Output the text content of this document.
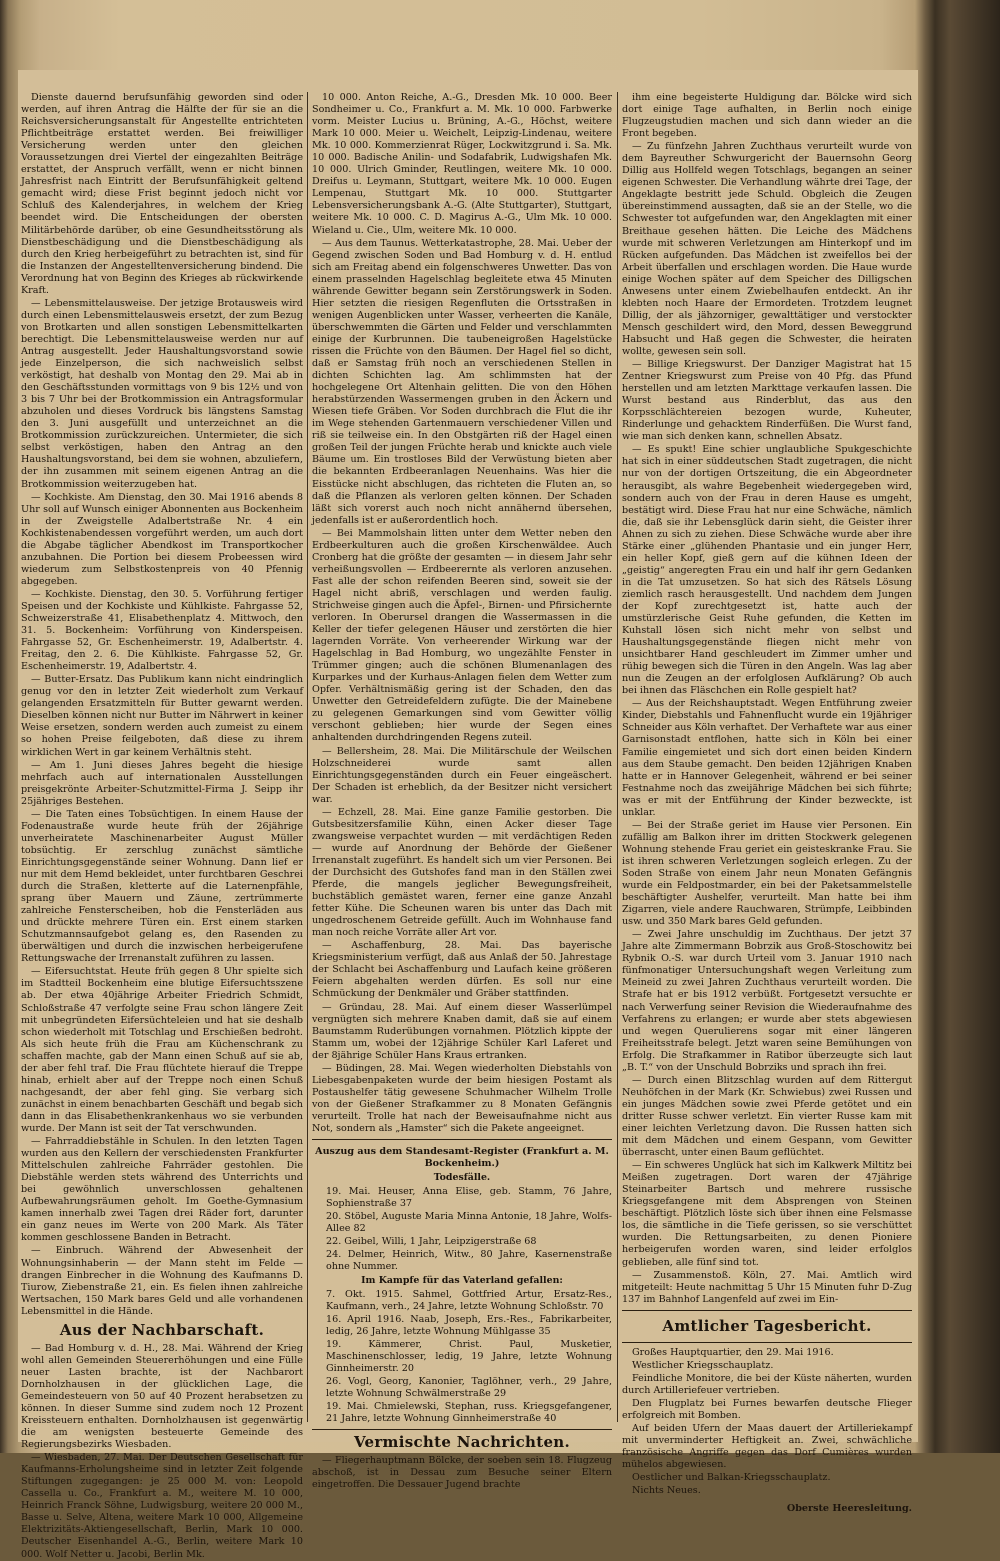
Dienste dauernd berufsunfähig geworden sind oder werden, auf ihren Antrag die Hälfte der für sie an die Reichsversicherungsanstalt für Angestellte entrichteten Pflichtbeiträge erstattet werden. Bei freiwilliger Versicherung werden unter den gleichen Voraussetzungen drei Viertel der eingezahlten Beiträge erstattet, der Anspruch verfällt, wenn er nicht binnen Jahresfrist nach Eintritt der Berufsunfähigkeit geltend gemacht wird; diese Frist beginnt jedoch nicht vor Schluß des Kalenderjahres, in welchem der Krieg beendet wird. Die Entscheidungen der obersten Militärbehörde darüber, ob eine Gesundheitsstörung als Dienstbeschädigung und die Dienstbeschädigung als durch den Krieg herbeigeführt zu betrachten ist, sind für die Instanzen der Angestelltenversicherung bindend. Die Verordnung hat von Beginn des Krieges ab rückwirkende Kraft.

— Lebensmittelausweise. Der jetzige Brotausweis wird durch einen Lebensmittelausweis ersetzt, der zum Bezug von Brotkarten und allen sonstigen Lebensmittelkarten berechtigt. Die Lebensmittelausweise werden nur auf Antrag ausgestellt. Jeder Haushaltungsvorstand sowie jede Einzelperson, die sich nachweislich selbst verköstigt, hat deshalb von Montag den 29. Mai ab in den Geschäftsstunden vormittags von 9 bis 12½ und von 3 bis 7 Uhr bei der Brotkommission ein Antragsformular abzuholen und dieses Vordruck bis längstens Samstag den 3. Juni ausgefüllt und unterzeichnet an die Brotkommission zurückzureichen. Untermieter, die sich selbst verköstigen, haben den Antrag an den Haushaltungsvorstand, bei dem sie wohnen, abzuliefern, der ihn zusammen mit seinem eigenen Antrag an die Brotkommission weiterzugeben hat.

— Kochkiste. Am Dienstag, den 30. Mai 1916 abends 8 Uhr soll auf Wunsch einiger Abonnenten aus Bockenheim in der Zweigstelle Adalbertstraße Nr. 4 ein Kochkistenabendessen vorgeführt werden, um auch dort die Abgabe täglicher Abendkost im Transportkocher anzubahnen. Die Portion bei diesem Probeessen wird wiederum zum Selbstkostenpreis von 40 Pfennig abgegeben.

— Kochkiste. Dienstag, den 30. 5. Vorführung fertiger Speisen und der Kochkiste und Kühlkiste. Fahrgasse 52, Schweizerstraße 41, Elisabethenplatz 4. Mittwoch, den 31. 5. Bockenheim: Vorführung von Kinderspeisen. Fahrgasse 52, Gr. Eschenheimerstr. 19, Adalbertstr. 4. Freitag, den 2. 6. Die Kühlkiste. Fahrgasse 52, Gr. Eschenheimerstr. 19, Adalbertstr. 4.

— Butter-Ersatz. Das Publikum kann nicht eindringlich genug vor den in letzter Zeit wiederholt zum Verkauf gelangenden Ersatzmitteln für Butter gewarnt werden. Dieselben können nicht nur Butter im Nährwert in keiner Weise ersetzen, sondern werden auch zumeist zu einem so hohen Preise feilgeboten, daß diese zu ihrem wirklichen Wert in gar keinem Verhältnis steht.

— Am 1. Juni dieses Jahres begeht die hiesige mehrfach auch auf internationalen Ausstellungen preisgekrönte Arbeiter-Schutzmittel-Firma J. Seipp ihr 25jähriges Bestehen.

— Die Taten eines Tobsüchtigen. In einem Hause der Fodenaustraße wurde heute früh der 26jährige unverheiratete Maschinenarbeiter August Müller tobsüchtig. Er zerschlug zunächst sämtliche Einrichtungsgegenstände seiner Wohnung. Dann lief er nur mit dem Hemd bekleidet, unter furchtbaren Geschrei durch die Straßen, kletterte auf die Laternenpfähle, sprang über Mauern und Zäune, zertrümmerte zahlreiche Fensterscheiben, hob die Fensterläden aus und drückte mehrere Türen ein. Erst einem starken Schutzmannsaufgebot gelang es, den Rasenden zu überwältigen und durch die inzwischen herbeigerufene Rettungswache der Irrenanstalt zuführen zu lassen.

— Eifersuchtstat. Heute früh gegen 8 Uhr spielte sich im Stadtteil Bockenheim eine blutige Eifersuchtsszene ab. Der etwa 40jährige Arbeiter Friedrich Schmidt, Schloßstraße 47 verfolgte seine Frau schon längere Zeit mit unbegründeten Eifersüchteleien und hat sie deshalb schon wiederholt mit Totschlag und Erschießen bedroht. Als sich heute früh die Frau am Küchenschrank zu schaffen machte, gab der Mann einen Schuß auf sie ab, der aber fehl traf. Die Frau flüchtete hierauf die Treppe hinab, erhielt aber auf der Treppe noch einen Schuß nachgesandt, der aber fehl ging. Sie verbarg sich zunächst in einem benachbarten Geschäft und begab sich dann in das Elisabethenkrankenhaus wo sie verbunden wurde. Der Mann ist seit der Tat verschwunden.

— Fahrraddiebstähle in Schulen. In den letzten Tagen wurden aus den Kellern der verschiedensten Frankfurter Mittelschulen zahlreiche Fahrräder gestohlen. Die Diebstähle werden stets während des Unterrichts und bei gewöhnlich unverschlossen gehaltenen Aufbewahrungsräumen geholt. Im Goethe-Gymnasium kamen innerhalb zwei Tagen drei Räder fort, darunter ein ganz neues im Werte von 200 Mark. Als Täter kommen geschlossene Banden in Betracht.

— Einbruch. Während der Abwesenheit der Wohnungsinhaberin — der Mann steht im Felde — drangen Einbrecher in die Wohnung des Kaufmanns D. Tiurow, Ziebenstraße 21, ein. Es fielen ihnen zahlreiche Wertsachen, 150 Mark bares Geld und alle vorhandenen Lebensmittel in die Hände.

Aus der Nachbarschaft.

— Bad Homburg v. d. H., 28. Mai. Während der Krieg wohl allen Gemeinden Steuererhöhungen und eine Fülle neuer Lasten brachte, ist der Nachbarort Dornholzhausen in der glücklichen Lage, die Gemeindesteuern von 50 auf 40 Prozent herabsetzen zu können. In dieser Summe sind zudem noch 12 Prozent Kreissteuern enthalten. Dornholzhausen ist gegenwärtig die am wenigsten besteuerte Gemeinde des Regierungsbezirks Wiesbaden.

— Wiesbaden, 27. Mai. Der Deutschen Gesellschaft für Kaufmanns-Erholungsheime sind in letzter Zeit folgende Stiftungen zugegangen: je 25 000 M. von: Leopold Cassella u. Co., Frankfurt a. M., weitere M. 10 000, Heinrich Franck Söhne, Ludwigsburg, weitere 20 000 M., Basse u. Selve, Altena, weitere Mark 10 000, Allgemeine Elektrizitäts-Aktiengesellschaft, Berlin, Mark 10 000. Deutscher Eisenhandel A.-G., Berlin, weitere Mark 10 000. Wolf Netter u. Jacobi, Berlin Mk.

10 000. Anton Reiche, A.-G., Dresden Mk. 10 000. Beer Sondheimer u. Co., Frankfurt a. M. Mk. 10 000. Farbwerke vorm. Meister Lucius u. Brüning, A.-G., Höchst, weitere Mark 10 000. Meier u. Weichelt, Leipzig-Lindenau, weitere Mk. 10 000. Kommerzienrat Rüger, Lockwitzgrund i. Sa. Mk. 10 000. Badische Anilin- und Sodafabrik, Ludwigshafen Mk. 10 000. Ulrich Gminder, Reutlingen, weitere Mk. 10 000. Dreifus u. Leymann, Stuttgart, weitere Mk. 10 000. Eugen Lempenau, Stuttgart Mk. 10 000. Stuttgarter Lebensversicherungsbank A.-G. (Alte Stuttgarter), Stuttgart, weitere Mk. 10 000. C. D. Magirus A.-G., Ulm Mk. 10 000. Wieland u. Cie., Ulm, weitere Mk. 10 000.

— Aus dem Taunus. Wetterkatastrophe, 28. Mai. Ueber der Gegend zwischen Soden und Bad Homburg v. d. H. entlud sich am Freitag abend ein folgenschweres Unwetter. Das von einem prasselnden Hagelschlag begleitete etwa 45 Minuten währende Gewitter begann sein Zerstörungswerk in Soden. Hier setzten die riesigen Regenfluten die Ortsstraßen in wenigen Augenblicken unter Wasser, verheerten die Kanäle, überschwemmten die Gärten und Felder und verschlammten einige der Kurbrunnen. Die taubeneigroßen Hagelstücke rissen die Früchte von den Bäumen. Der Hagel fiel so dicht, daß er Samstag früh noch an verschiedenen Stellen in dichten Schichten lag. Am schlimmsten hat der hochgelegene Ort Altenhain gelitten. Die von den Höhen herabstürzenden Wassermengen gruben in den Äckern und Wiesen tiefe Gräben. Vor Soden durchbrach die Flut die ihr im Wege stehenden Gartenmauern verschiedener Villen und riß sie teilweise ein. In den Obstgärten riß der Hagel einen großen Teil der jungen Früchte herab und knickte auch viele Bäume um. Ein trostloses Bild der Verwüstung bieten aber die bekannten Erdbeeranlagen Neuenhains. Was hier die Eisstücke nicht abschlugen, das richteten die Fluten an, so daß die Pflanzen als verloren gelten können. Der Schaden läßt sich vorerst auch noch nicht annähernd übersehen, jedenfalls ist er außerordentlich hoch.

— Bei Mammolshain litten unter dem Wetter neben den Erdbeerkulturen auch die großen Kirschenwäldee. Auch Cronberg hat die größte der gesamten — in diesem Jahr sehr verheißungsvollen — Erdbeerernte als verloren anzusehen. Fast alle der schon reifenden Beeren sind, soweit sie der Hagel nicht abriß, verschlagen und werden faulig. Strichweise gingen auch die Äpfel-, Birnen- und Pfirsichernte verloren. In Oberursel drangen die Wassermassen in die Keller der tiefer gelegenen Häuser und zerstörten die hier lagernden Vorräte. Von verheerender Wirkung war der Hagelschlag in Bad Homburg, wo ungezählte Fenster in Trümmer gingen; auch die schönen Blumenanlagen des Kurparkes und der Kurhaus-Anlagen fielen dem Wetter zum Opfer. Verhältnismäßig gering ist der Schaden, den das Unwetter den Getreidefeldern zufügte. Die der Mainebene zu gelegenen Gemarkungen sind vom Gewitter völlig verschont geblieben; hier wurde der Segen eines anhaltenden durchdringenden Regens zuteil.

— Bellersheim, 28. Mai. Die Militärschule der Weilschen Holzschneiderei wurde samt allen Einrichtungsgegenständen durch ein Feuer eingeäschert. Der Schaden ist erheblich, da der Besitzer nicht versichert war.

— Echzell, 28. Mai. Eine ganze Familie gestorben. Die Gutsbesitzersfamilie Kühn, einen Acker dieser Tage zwangsweise verpachtet wurden — mit verdächtigen Reden — wurde auf Anordnung der Behörde der Gießener Irrenanstalt zugeführt. Es handelt sich um vier Personen. Bei der Durchsicht des Gutshofes fand man in den Ställen zwei Pferde, die mangels jeglicher Bewegungsfreiheit, buchstäblich gemästet waren, ferner eine ganze Anzahl fetter Kühe. Die Scheunen waren bis unter das Dach mit ungedroschenem Getreide gefüllt. Auch im Wohnhause fand man noch reiche Vorräte aller Art vor.

— Aschaffenburg, 28. Mai. Das bayerische Kriegsministerium verfügt, daß aus Anlaß der 50. Jahrestage der Schlacht bei Aschaffenburg und Laufach keine größeren Feiern abgehalten werden dürfen. Es soll nur eine Schmückung der Denkmäler und Gräber stattfinden.

— Gründau, 28. Mai. Auf einem dieser Wasserlümpel vergnügten sich mehrere Knaben damit, daß sie auf einem Baumstamm Ruderübungen vornahmen. Plötzlich kippte der Stamm um, wobei der 12jährige Schüler Karl Laferet und der 8jährige Schüler Hans Kraus ertranken.

— Büdingen, 28. Mai. Wegen wiederholten Diebstahls von Liebesgabenpaketen wurde der beim hiesigen Postamt als Postaushelfer tätig gewesene Schuhmacher Wilhelm Trolle von der Gießener Strafkammer zu 8 Monaten Gefängnis verurteilt. Trolle hat nach der Beweisaufnahme nicht aus Not, sondern als „Hamster“ sich die Pakete angeeignet.

Auszug aus dem Standesamt-Register (Frankfurt a. M. Bockenheim.)
Todesfälle.

19. Mai. Heuser, Anna Elise, geb. Stamm, 76 Jahre, Sophienstraße 37

20. Stöbel, Auguste Maria Minna Antonie, 18 Jahre, Wolfs-Allee 82

22. Geibel, Willi, 1 Jahr, Leipzigerstraße 68

24. Delmer, Heinrich, Witw., 80 Jahre, Kasernenstraße ohne Nummer.

Im Kampfe für das Vaterland gefallen:

7. Okt. 1915. Sahmel, Gottfried Artur, Ersatz-Res., Kaufmann, verh., 24 Jahre, letzte Wohnung Schloßstr. 70

16. April 1916. Naab, Joseph, Ers.-Res., Fabrikarbeiter, ledig, 26 Jahre, letzte Wohnung Mühlgasse 35

19. Kämmerer, Christ. Paul, Musketier, Maschinenschlosser, ledig, 19 Jahre, letzte Wohnung Ginnheimerstr. 20

26. Vogl, Georg, Kanonier, Taglöhner, verh., 29 Jahre, letzte Wohnung Schwälmerstraße 29

19. Mai. Chmielewski, Stephan, russ. Kriegsgefangener, 21 Jahre, letzte Wohnung Ginnheimerstraße 40

Vermischte Nachrichten.

— Fliegerhauptmann Bölcke, der soeben sein 18. Flugzeug abschoß, ist in Dessau zum Besuche seiner Eltern eingetroffen. Die Dessauer Jugend brachte

ihm eine begeisterte Huldigung dar. Bölcke wird sich dort einige Tage aufhalten, in Berlin noch einige Flugzeugstudien machen und sich dann wieder an die Front begeben.

— Zu fünfzehn Jahren Zuchthaus verurteilt wurde von dem Bayreuther Schwurgericht der Bauernsohn Georg Dillig aus Hollfeld wegen Totschlags, begangen an seiner eigenen Schwester. Die Verhandlung währte drei Tage, der Angeklagte bestritt jede Schuld. Obgleich die Zeugen übereinstimmend aussagten, daß sie an der Stelle, wo die Schwester tot aufgefunden war, den Angeklagten mit einer Breithaue gesehen hätten. Die Leiche des Mädchens wurde mit schweren Verletzungen am Hinterkopf und im Rücken aufgefunden. Das Mädchen ist zweifellos bei der Arbeit überfallen und erschlagen worden. Die Haue wurde einige Wochen später auf dem Speicher des Dilligschen Anwesens unter einem Zwiebelhaufen entdeckt. An ihr klebten noch Haare der Ermordeten. Trotzdem leugnet Dillig, der als jähzorniger, gewalttätiger und verstockter Mensch geschildert wird, den Mord, dessen Beweggrund Habsucht und Haß gegen die Schwester, die heiraten wollte, gewesen sein soll.

— Billige Kriegswurst. Der Danziger Magistrat hat 15 Zentner Kriegswurst zum Preise von 40 Pfg. das Pfund herstellen und am letzten Markttage verkaufen lassen. Die Wurst bestand aus Rinderblut, das aus den Korpsschlächtereien bezogen wurde, Kuheuter, Rinderlunge und gehacktem Rinderfüßen. Die Wurst fand, wie man sich denken kann, schnellen Absatz.

— Es spukt! Eine schier unglaubliche Spukgeschichte hat sich in einer süddeutschen Stadt zugetragen, die nicht nur von der dortigen Ortszeitung, die ein Abgeordneter herausgibt, als wahre Begebenheit wiedergegeben wird, sondern auch von der Frau in deren Hause es umgeht, bestätigt wird. Diese Frau hat nur eine Schwäche, nämlich die, daß sie ihr Lebensglück darin sieht, die Geister ihrer Ahnen zu sich zu ziehen. Diese Schwäche wurde aber ihre Stärke einer „glühenden Phantasie und ein junger Herr, ein heller Kopf, gieß gern auf die kühnen Ideen der „geistig“ angeregten Frau ein und half ihr gern Gedanken in die Tat umzusetzen. So hat sich des Rätsels Lösung ziemlich rasch herausgestellt. Und nachdem dem Jungen der Kopf zurechtgesetzt ist, hatte auch der umstürzlerische Geist Ruhe gefunden, die Ketten im Kuhstall lösen sich nicht mehr von selbst und Haushaltungsgegenstände fliegen nicht mehr von unsichtbarer Hand geschleudert im Zimmer umher und rühig bewegen sich die Türen in den Angeln. Was lag aber nun die Zeugen an der erfolglosen Aufklärung? Ob auch bei ihnen das Fläschchen ein Rolle gespielt hat?

— Aus der Reichshauptstadt. Wegen Entführung zweier Kinder, Diebstahls und Fahnenflucht wurde ein 19jähriger Schneider aus Köln verhaftet. Der Verhaftete war aus einer Garnisonstadt entflohen, hatte sich in Köln bei einer Familie eingemietet und sich dort einen beiden Kindern aus dem Staube gemacht. Den beiden 12jährigen Knaben hatte er in Hannover Gelegenheit, während er bei seiner Festnahme noch das zweijährige Mädchen bei sich führte; was er mit der Entführung der Kinder bezweckte, ist unklar.

— Bei der Straße geriet im Hause vier Personen. Ein zufällig am Balkon ihrer im dritten Stockwerk gelegenen Wohnung stehende Frau geriet ein geisteskranke Frau. Sie ist ihren schweren Verletzungen sogleich erlegen. Zu der Soden Straße von einem Jahr neun Monaten Gefängnis wurde ein Feldpostmarder, ein bei der Paketsammelstelle beschäftigter Aushelfer, verurteilt. Man hatte bei ihm Zigarren, viele andere Rauchwaren, Strümpfe, Leibbinden usw. und 350 Mark bares Geld gefunden.

— Zwei Jahre unschuldig im Zuchthaus. Der jetzt 37 Jahre alte Zimmermann Bobrzik aus Groß-Stoschowitz bei Rybnik O.-S. war durch Urteil vom 3. Januar 1910 nach fünfmonatiger Untersuchungshaft wegen Verleitung zum Meineid zu zwei Jahren Zuchthaus verurteilt worden. Die Strafe hat er bis 1912 verbüßt. Fortgesetzt versuchte er nach Verwerfung seiner Revision die Wiederaufnahme des Verfahrens zu erlangen; er wurde aber stets abgewiesen und wegen Querulierens sogar mit einer längeren Freiheitsstrafe belegt. Jetzt waren seine Bemühungen von Erfolg. Die Strafkammer in Ratibor überzeugte sich laut „B. T.“ von der Unschuld Bobrziks und sprach ihn frei.

— Durch einen Blitzschlag wurden auf dem Rittergut Neuhöfchen in der Mark (Kr. Schwiebus) zwei Russen und ein junges Mädchen sowie zwei Pferde getötet und ein dritter Russe schwer verletzt. Ein vierter Russe kam mit einer leichten Verletzung davon. Die Russen hatten sich mit dem Mädchen und einem Gespann, vom Gewitter überrascht, unter einen Baum geflüchtet.

— Ein schweres Unglück hat sich im Kalkwerk Miltitz bei Meißen zugetragen. Dort waren der 47jährige Steinarbeiter Bartsch und mehrere russische Kriegsgefangene mit dem Absprengen von Steinen beschäftigt. Plötzlich löste sich über ihnen eine Felsmasse los, die sämtliche in die Tiefe gerissen, so sie verschüttet wurden. Die Rettungsarbeiten, zu denen Pioniere herbeigerufen worden waren, sind leider erfolglos geblieben, alle fünf sind tot.

— Zusammenstoß. Köln, 27. Mai. Amtlich wird mitgeteilt: Heute nachmittag 5 Uhr 15 Minuten fuhr D-Zug 137 im Bahnhof Langenfeld auf zwei im Ein-

Amtlicher Tagesbericht.

Großes Hauptquartier, den 29. Mai 1916.

Westlicher Kriegsschauplatz.

Feindliche Monitore, die bei der Küste näherten, wurden durch Artilleriefeuer vertrieben.

Den Flugplatz bei Furnes bewarfen deutsche Flieger erfolgreich mit Bomben.

Auf beiden Ufern der Maas dauert der Artilleriekampf mit unverminderter Heftigkeit an. Zwei, schwächliche französische Angriffe gegen das Dorf Cumières wurden mühelos abgewiesen.

Oestlicher und Balkan-Kriegsschauplatz.

Nichts Neues.

Oberste Heeresleitung.
